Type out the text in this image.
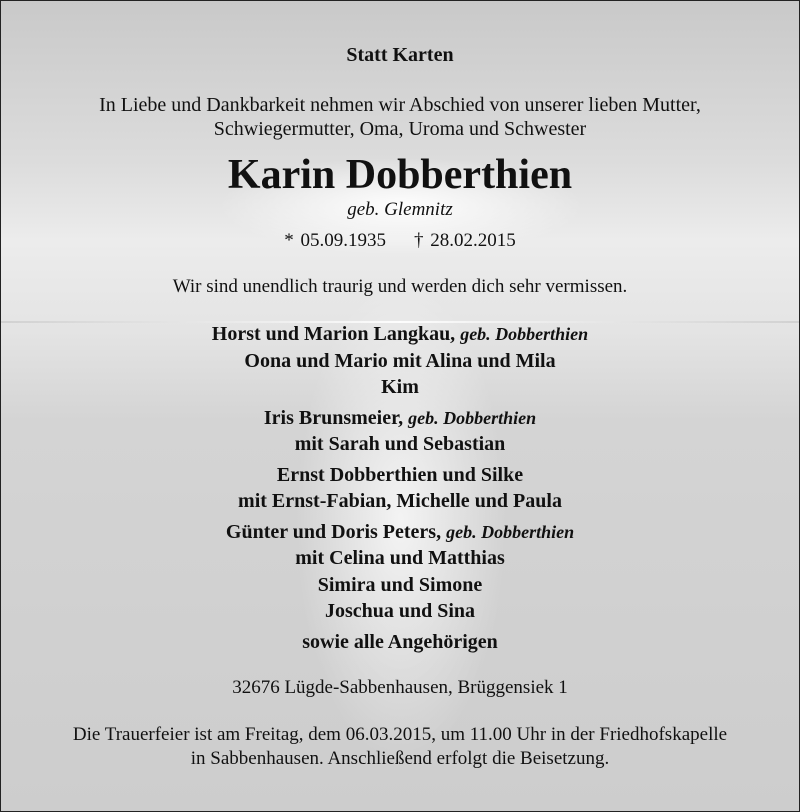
Statt Karten
In Liebe und Dankbarkeit nehmen wir Abschied von unserer lieben Mutter,
Schwiegermutter, Oma, Uroma und Schwester
Karin Dobberthien
geb. Glemnitz
* 05.09.1935 † 28.02.2015
Wir sind unendlich traurig und werden dich sehr vermissen.
Horst und Marion Langkau, geb. Dobberthien
Oona und Mario mit Alina und Mila
Kim
Iris Brunsmeier, geb. Dobberthien
mit Sarah und Sebastian
Ernst Dobberthien und Silke
mit Ernst-Fabian, Michelle und Paula
Günter und Doris Peters, geb. Dobberthien
mit Celina und Matthias
Simira und Simone
Joschua und Sina
sowie alle Angehörigen
32676 Lügde-Sabbenhausen, Brüggensiek 1
Die Trauerfeier ist am Freitag, dem 06.03.2015, um 11.00 Uhr in der Friedhofskapelle
in Sabbenhausen. Anschließend erfolgt die Beisetzung.
